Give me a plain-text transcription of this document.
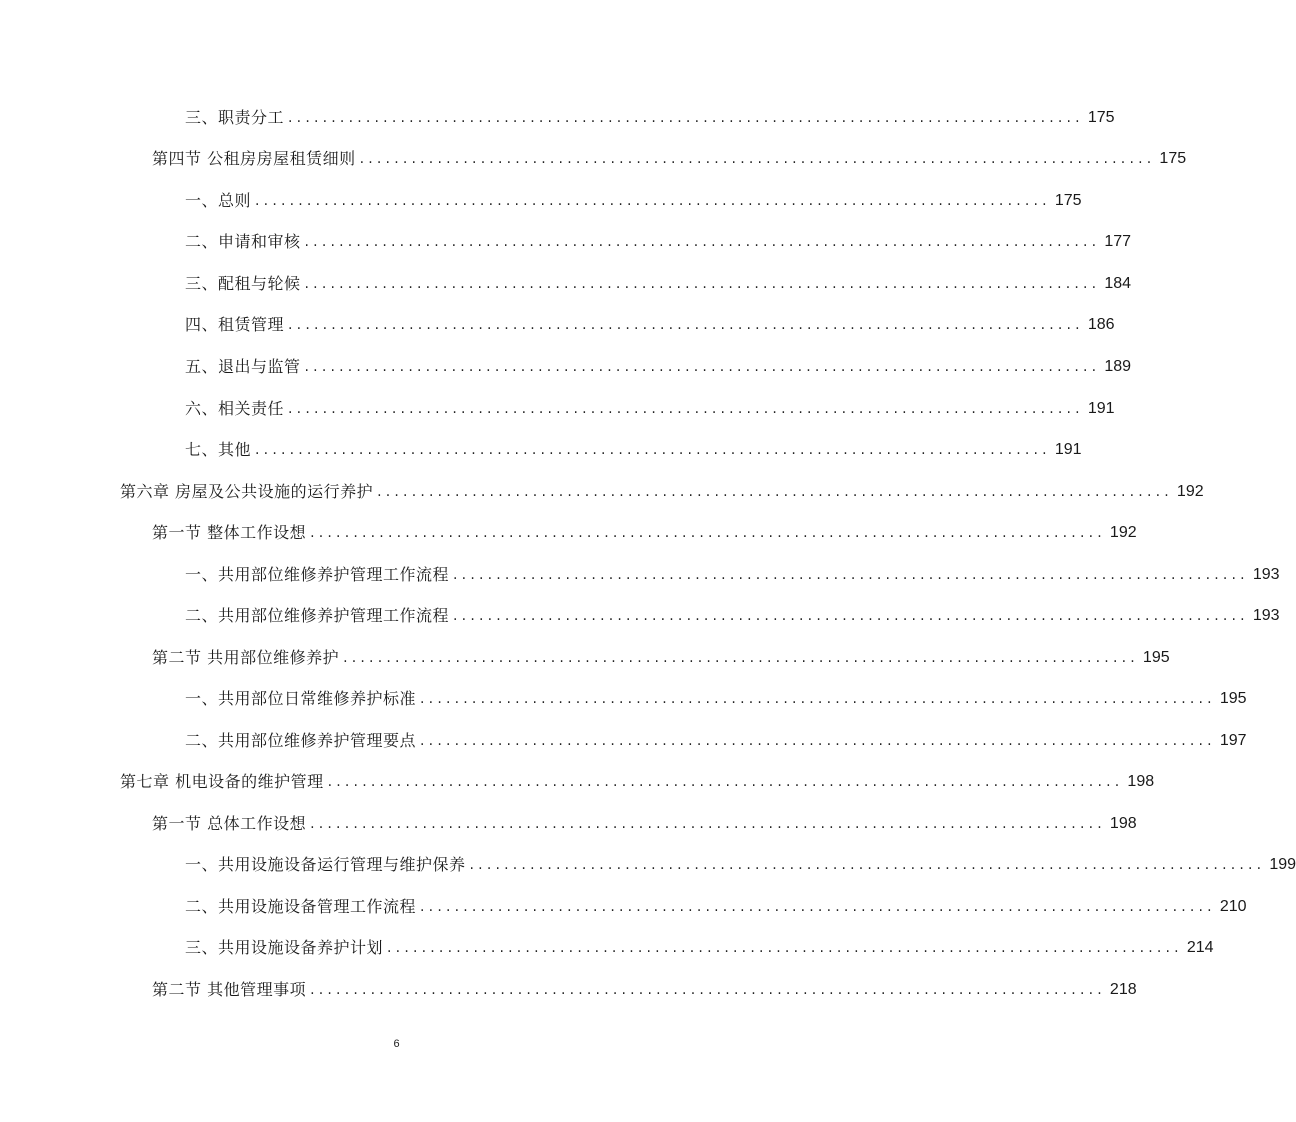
三、职责分工 ............................................................................................ 175
第四节 公租房房屋租赁细则 ............................................................................................ 175
一、总则 ............................................................................................ 175
二、申请和审核 ............................................................................................ 177
三、配租与轮候 ............................................................................................ 184
四、租赁管理 ............................................................................................ 186
五、退出与监管 ............................................................................................ 189
六、相关责任 ............................................................................................ 191
七、其他 ............................................................................................ 191
第六章 房屋及公共设施的运行养护 ............................................................................................ 192
第一节 整体工作设想 ............................................................................................ 192
一、共用部位维修养护管理工作流程 ............................................................................................ 193
二、共用部位维修养护管理工作流程 ............................................................................................ 193
第二节 共用部位维修养护 ............................................................................................ 195
一、共用部位日常维修养护标准 ............................................................................................ 195
二、共用部位维修养护管理要点 ............................................................................................ 197
第七章 机电设备的维护管理 ............................................................................................ 198
第一节 总体工作设想 ............................................................................................ 198
一、共用设施设备运行管理与维护保养 ............................................................................................ 199
二、共用设施设备管理工作流程 ............................................................................................ 210
三、共用设施设备养护计划 ............................................................................................ 214
第二节 其他管理事项 ............................................................................................ 218
6
